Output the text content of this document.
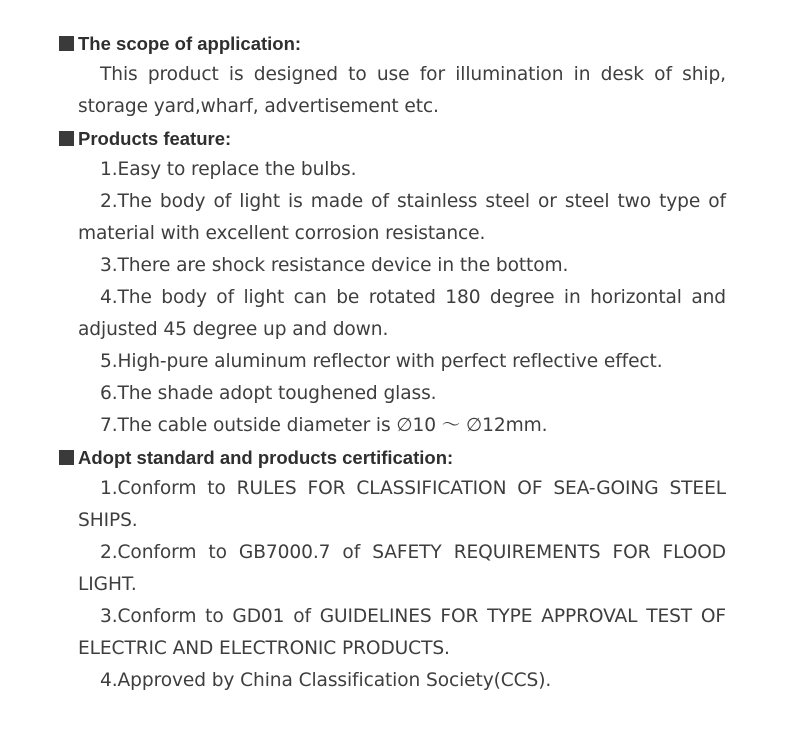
The scope of application:
This product is designed to use for illumination in desk of ship, storage yard,wharf, advertisement etc.
Products feature:
1.Easy to replace the bulbs.
2.The body of light is made of stainless steel or steel two type of material with excellent corrosion resistance.
3.There are shock resistance device in the bottom.
4.The body of light can be rotated 180 degree in horizontal and adjusted 45 degree up and down.
5.High-pure aluminum reflector with perfect reflective effect.
6.The shade adopt toughened glass.
7.The cable outside diameter is ∅10 ～ ∅12mm.
Adopt standard and products certification:
1.Conform to RULES FOR CLASSIFICATION OF SEA-GOING STEEL SHIPS.
2.Conform to GB7000.7 of SAFETY REQUIREMENTS FOR FLOOD LIGHT.
3.Conform to GD01 of GUIDELINES FOR TYPE APPROVAL TEST OF ELECTRIC AND ELECTRONIC PRODUCTS.
4.Approved by China Classification Society(CCS).
